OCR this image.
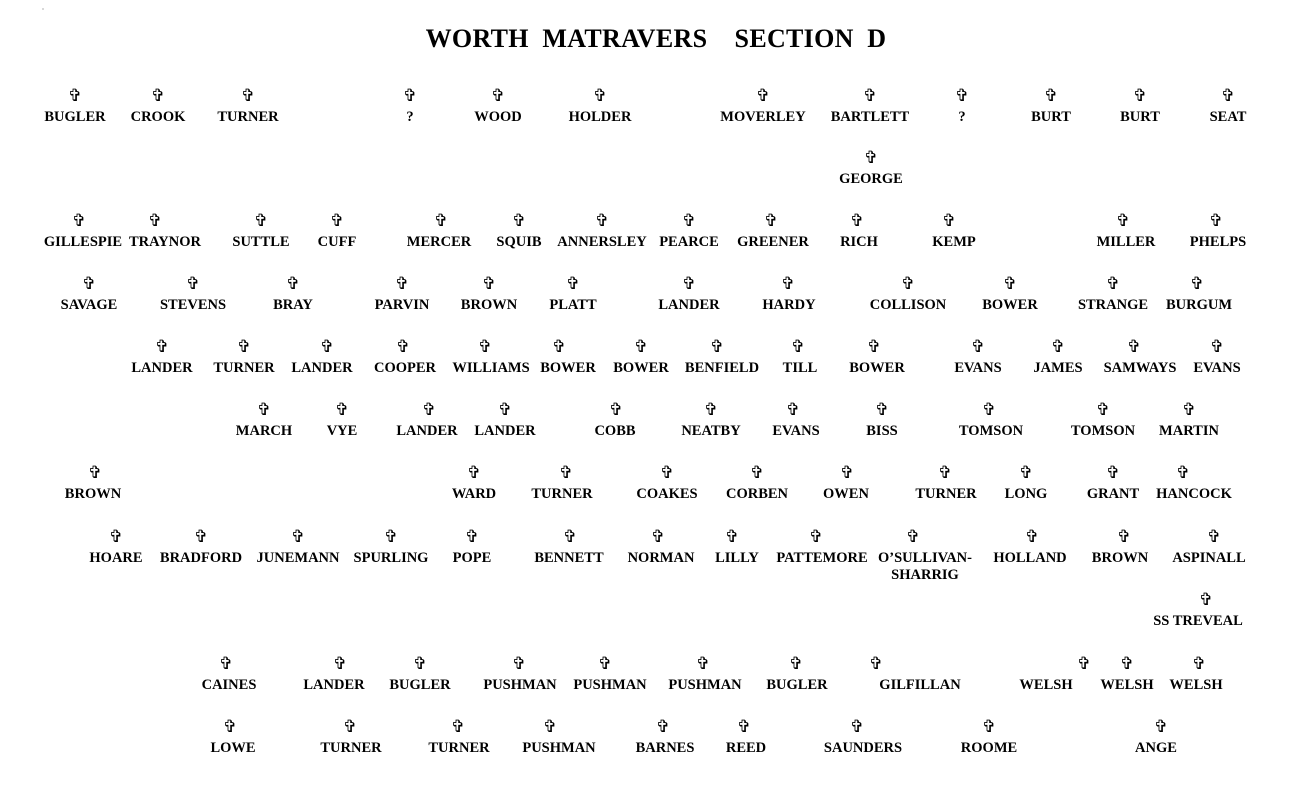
WORTH  MATRAVERS    SECTION  D
✞
BUGLER
✞
CROOK
✞
TURNER
✞
?
✞
WOOD
✞
HOLDER
✞
MOVERLEY
✞
BARTLETT
✞
?
✞
BURT
✞
BURT
✞
SEAT
✞
GEORGE
✞
GILLESPIE
✞
TRAYNOR
✞
SUTTLE
✞
CUFF
✞
MERCER
✞
SQUIB
✞
ANNERSLEY
✞
PEARCE
✞
GREENER
✞
RICH
✞
KEMP
✞
MILLER
✞
PHELPS
✞
SAVAGE
✞
STEVENS
✞
BRAY
✞
PARVIN
✞
BROWN
✞
PLATT
✞
LANDER
✞
HARDY
✞
COLLISON
✞
BOWER
✞
STRANGE
✞
BURGUM
✞
LANDER
✞
TURNER
✞
LANDER
✞
COOPER
✞
WILLIAMS
✞
BOWER
✞
BOWER
✞
BENFIELD
✞
TILL
✞
BOWER
✞
EVANS
✞
JAMES
✞
SAMWAYS
✞
EVANS
✞
MARCH
✞
VYE
✞
LANDER
✞
LANDER
✞
COBB
✞
NEATBY
✞
EVANS
✞
BISS
✞
TOMSON
✞
TOMSON
✞
MARTIN
✞
BROWN
✞
WARD
✞
TURNER
✞
COAKES
✞
CORBEN
✞
OWEN
✞
TURNER
✞
LONG
✞
GRANT
✞
HANCOCK
✞
HOARE
✞
BRADFORD
✞
JUNEMANN
✞
SPURLING
✞
POPE
✞
BENNETT
✞
NORMAN
✞
LILLY
✞
PATTEMORE
✞
O’SULLIVAN-
SHARRIG
✞
HOLLAND
✞
BROWN
✞
ASPINALL
✞
SS TREVEAL
✞
CAINES
✞
LANDER
✞
BUGLER
✞
PUSHMAN
✞
PUSHMAN
✞
PUSHMAN
✞
BUGLER
✞
GILFILLAN
✞
WELSH
✞
WELSH
✞
WELSH
✞
LOWE
✞
TURNER
✞
TURNER
✞
PUSHMAN
✞
BARNES
✞
REED
✞
SAUNDERS
✞
ROOME
✞
ANGE
